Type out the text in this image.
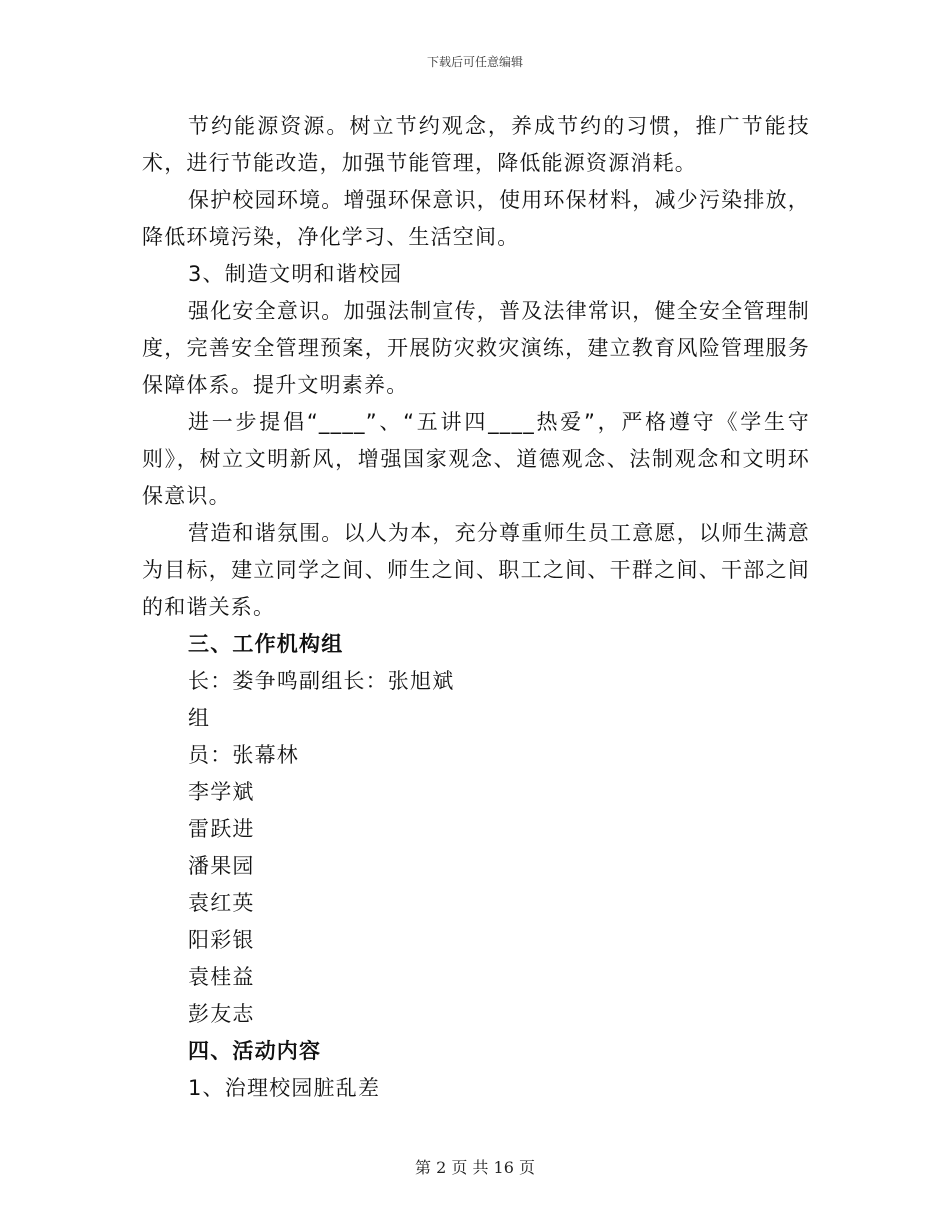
下载后可任意编辑

节约能源资源。树立节约观念，养成节约的习惯，推广节能技术，进行节能改造，加强节能管理，降低能源资源消耗。

保护校园环境。增强环保意识，使用环保材料，减少污染排放，降低环境污染，净化学习、生活空间。

3、制造文明和谐校园

强化安全意识。加强法制宣传，普及法律常识，健全安全管理制度，完善安全管理预案，开展防灾救灾演练，建立教育风险管理服务保障体系。提升文明素养。

进一步提倡“____”、“五讲四____热爱”，严格遵守《学生守则》，树立文明新风，增强国家观念、道德观念、法制观念和文明环保意识。

营造和谐氛围。以人为本，充分尊重师生员工意愿，以师生满意为目标，建立同学之间、师生之间、职工之间、干群之间、干部之间的和谐关系。

三、工作机构组

长：娄争鸣副组长：张旭斌

组

员：张幕林

李学斌

雷跃进

潘果园

袁红英

阳彩银

袁桂益

彭友志

四、活动内容

1、治理校园脏乱差

第 2 页 共 16 页
